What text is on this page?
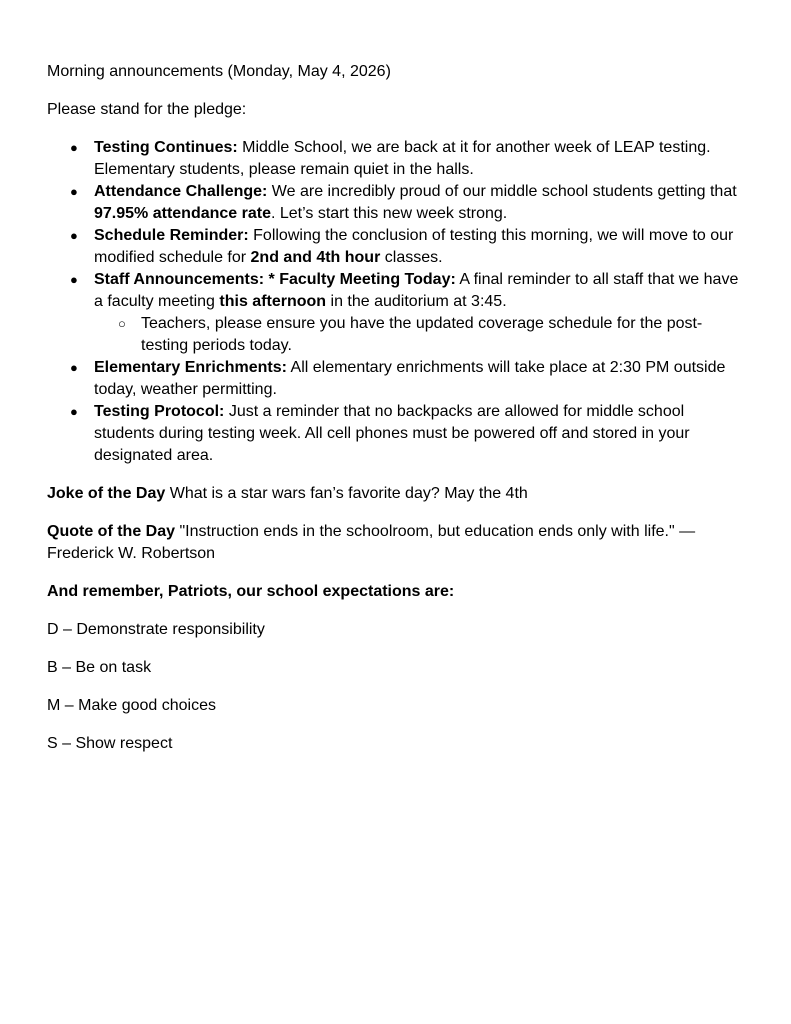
Morning announcements (Monday, May 4, 2026)

Please stand for the pledge:

● Testing Continues: Middle School, we are back at it for another week of LEAP testing. Elementary students, please remain quiet in the halls.
● Attendance Challenge: We are incredibly proud of our middle school students getting that 97.95% attendance rate. Let’s start this new week strong.
● Schedule Reminder: Following the conclusion of testing this morning, we will move to our modified schedule for 2nd and 4th hour classes.
● Staff Announcements: * Faculty Meeting Today: A final reminder to all staff that we have a faculty meeting this afternoon in the auditorium at 3:45.
○ Teachers, please ensure you have the updated coverage schedule for the post-testing periods today.
● Elementary Enrichments: All elementary enrichments will take place at 2:30 PM outside today, weather permitting.
● Testing Protocol: Just a reminder that no backpacks are allowed for middle school students during testing week. All cell phones must be powered off and stored in your designated area.

Joke of the Day What is a star wars fan’s favorite day? May the 4th

Quote of the Day "Instruction ends in the schoolroom, but education ends only with life." — Frederick W. Robertson

And remember, Patriots, our school expectations are:

D – Demonstrate responsibility

B – Be on task

M – Make good choices

S – Show respect
